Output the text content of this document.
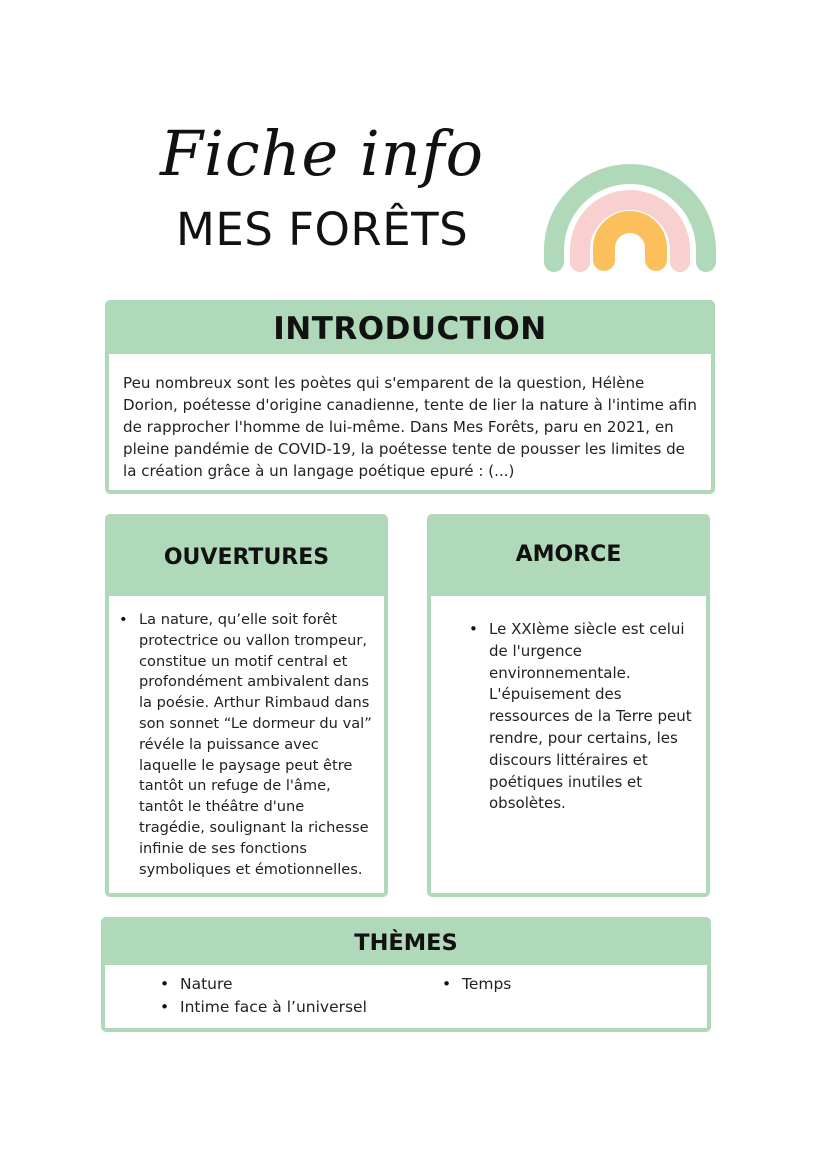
Fiche info
MES FORÊTS
INTRODUCTION
Peu nombreux sont les poètes qui s'emparent de la question, Hélène Dorion, poétesse d'origine canadienne, tente de lier la nature à l'intime afin de rapprocher l'homme de lui-même. Dans Mes Forêts, paru en 2021, en pleine pandémie de COVID-19, la poétesse tente de pousser les limites de la création grâce à un langage poétique epuré : (...)
OUVERTURES
• La nature, qu’elle soit forêt protectrice ou vallon trompeur, constitue un motif central et profondément ambivalent dans la poésie. Arthur Rimbaud dans son sonnet “Le dormeur du val” révéle la puissance avec laquelle le paysage peut être tantôt un refuge de l'âme, tantôt le théâtre d'une tragédie, soulignant la richesse infinie de ses fonctions symboliques et émotionnelles.
AMORCE
• Le XXIème siècle est celui de l'urgence environnementale. L'épuisement des ressources de la Terre peut rendre, pour certains, les discours littéraires et poétiques inutiles et obsolètes.
THÈMES
• Nature
• Intime face à l’universel
• Temps
